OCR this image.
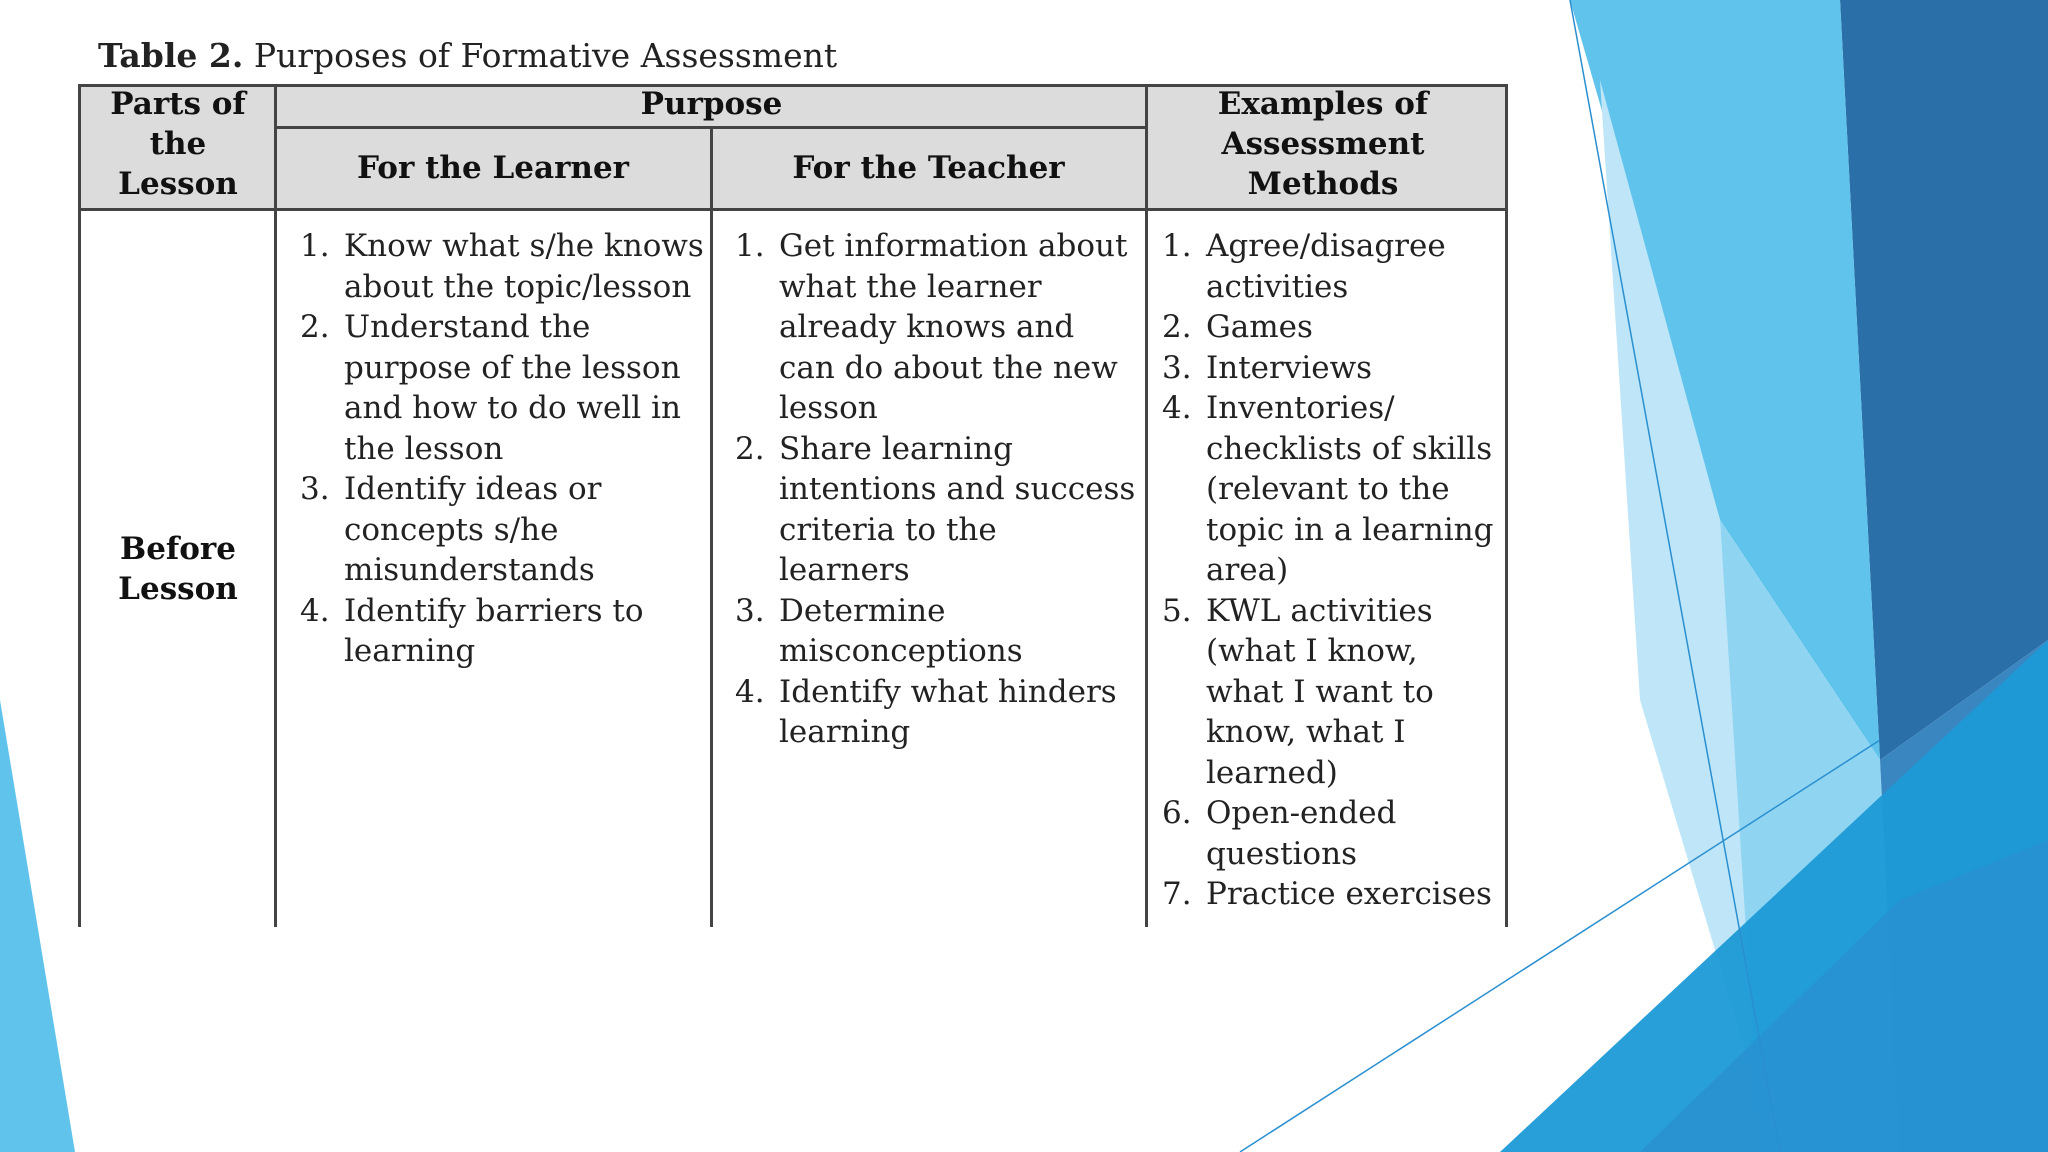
Table 2. Purposes of Formative Assessment
Parts of the Lesson
Purpose
For the Learner	For the Teacher
Examples of Assessment Methods
Before Lesson
1. Know what s/he knows about the topic/lesson
2. Understand the purpose of the lesson and how to do well in the lesson
3. Identify ideas or concepts s/he misunderstands
4. Identify barriers to learning
1. Get information about what the learner already knows and can do about the new lesson
2. Share learning intentions and success criteria to the learners
3. Determine misconceptions
4. Identify what hinders learning
1. Agree/disagree activities
2. Games
3. Interviews
4. Inventories/ checklists of skills (relevant to the topic in a learning area)
5. KWL activities (what I know, what I want to know, what I learned)
6. Open-ended questions
7. Practice exercises
